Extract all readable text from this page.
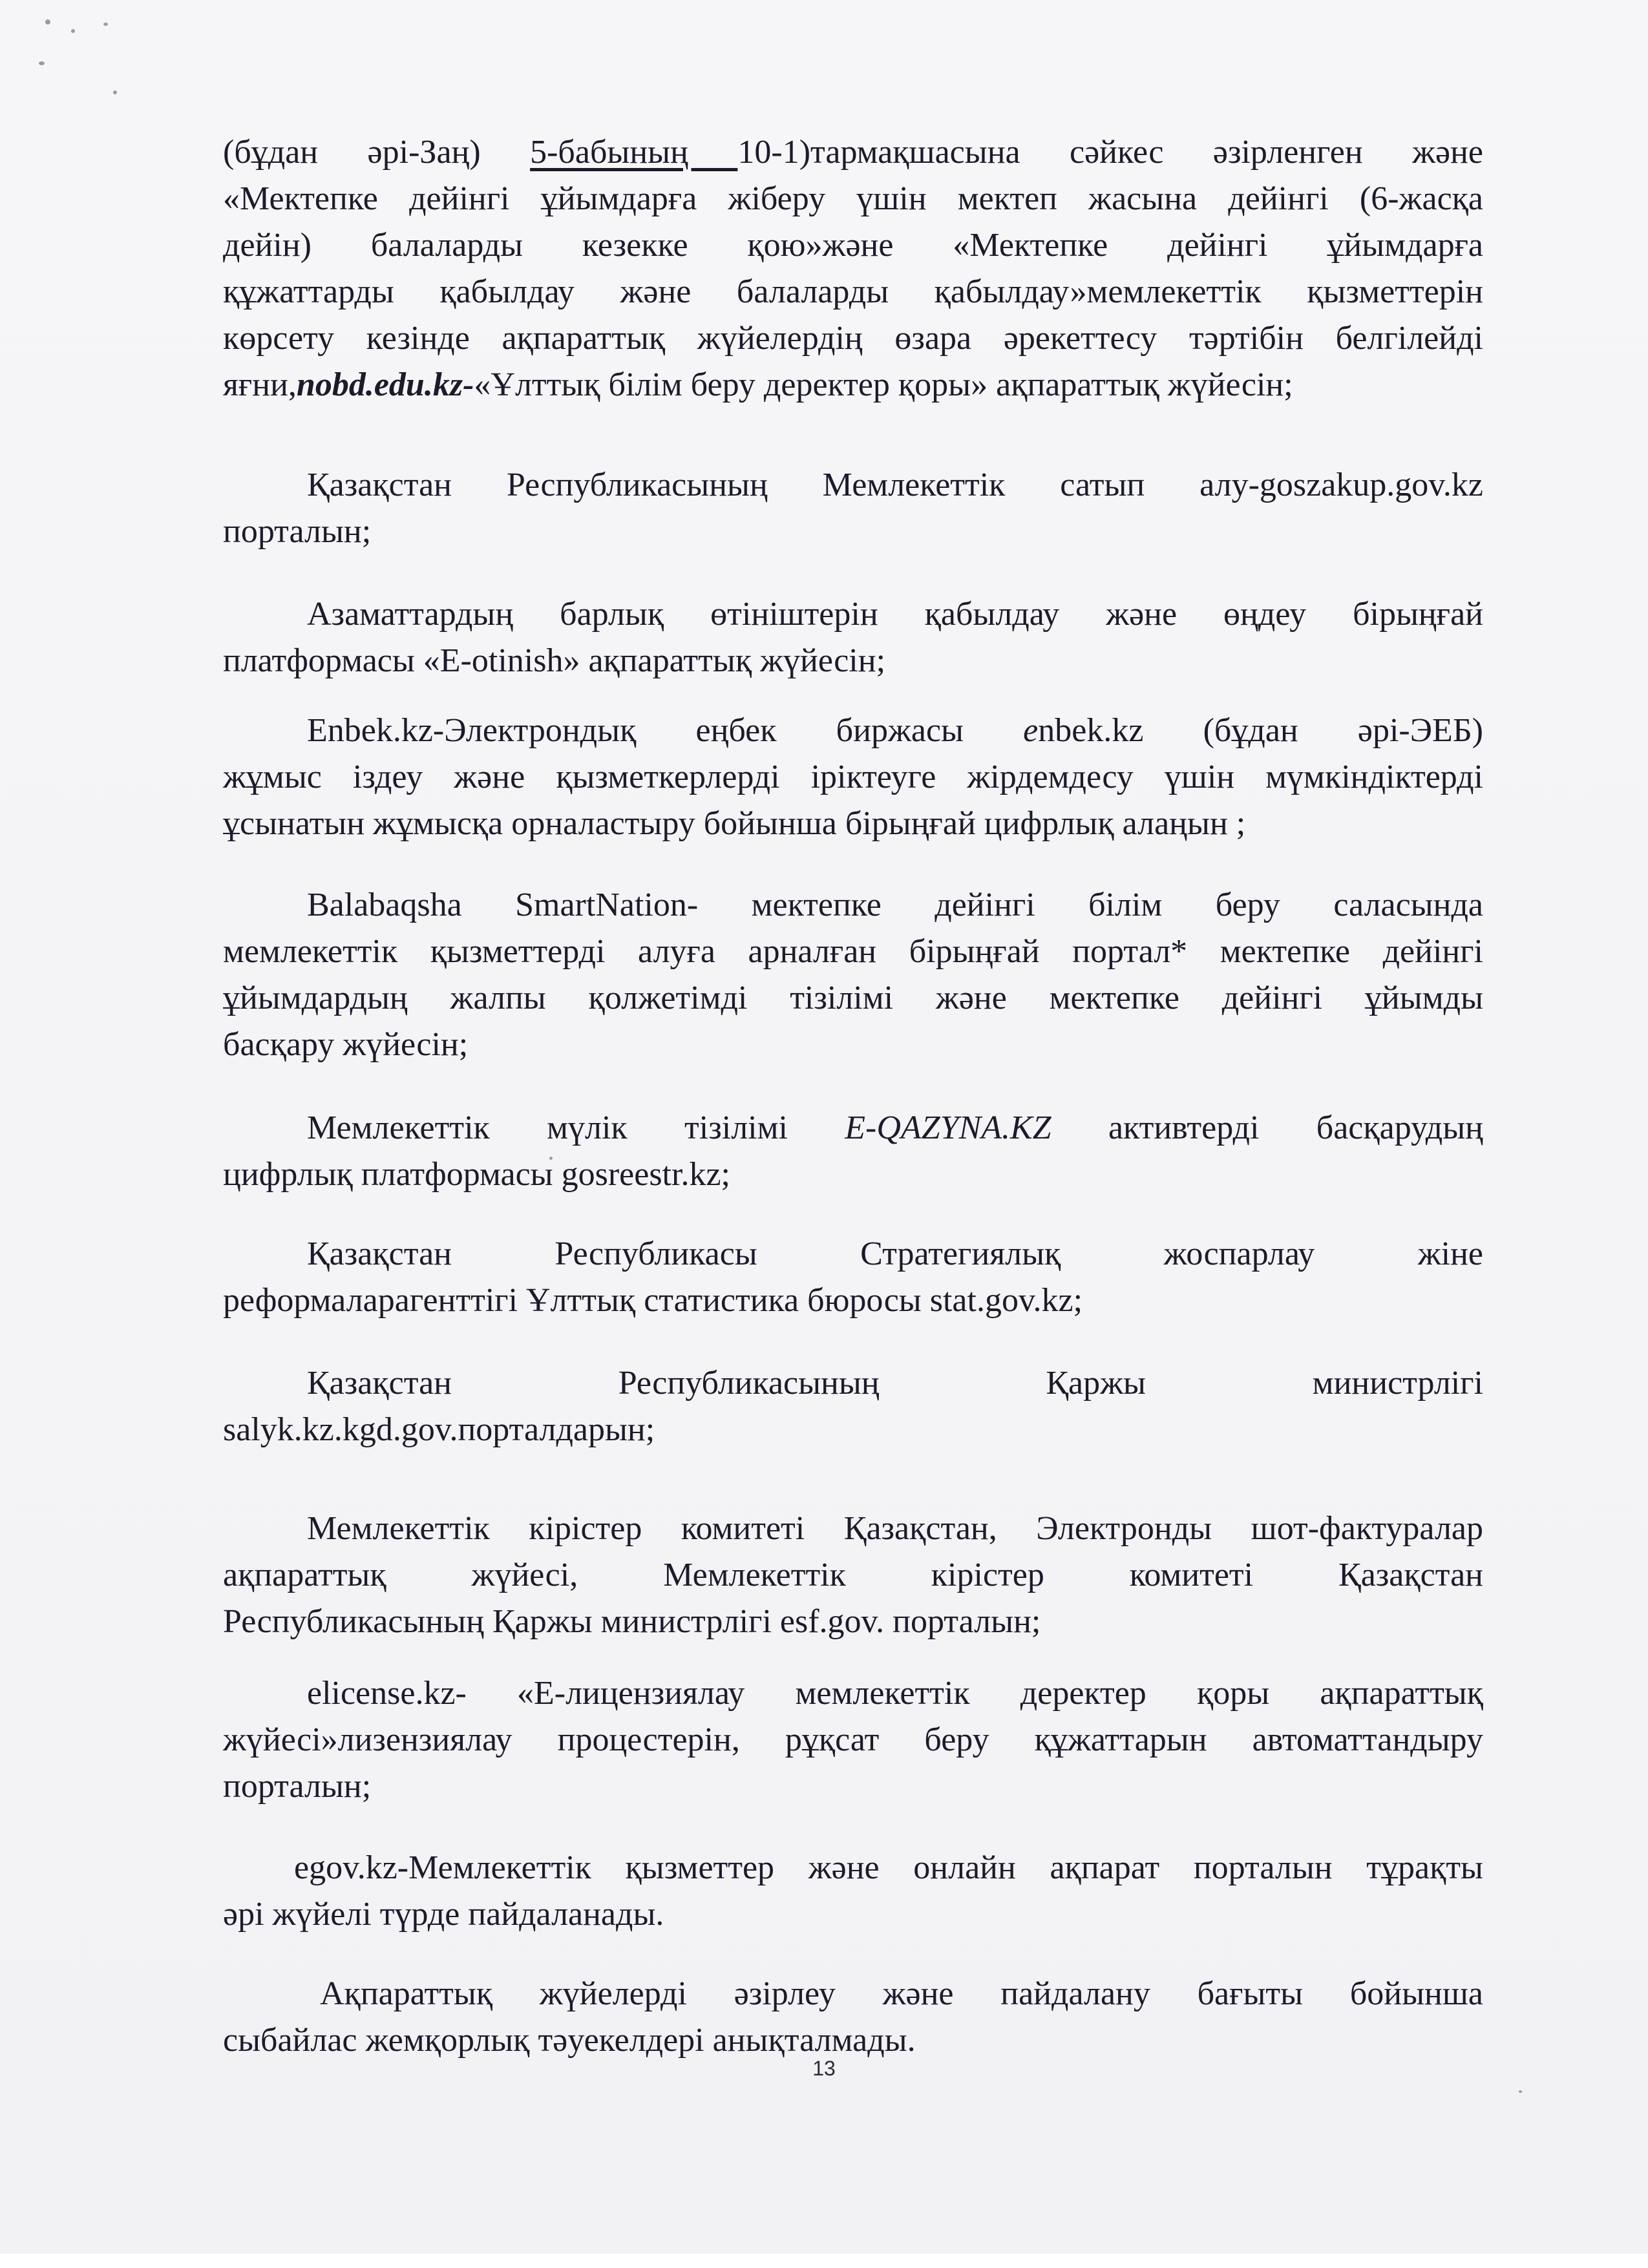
(бұдан әрі-Заң) 5-бабының 10-1)тармақшасына сәйкес әзірленген және
«Мектепке дейінгі ұйымдарға жіберу үшін мектеп жасына дейінгі (6-жасқа
дейін) балаларды кезекке қою»және «Мектепке дейінгі ұйымдарға
құжаттарды қабылдау және балаларды қабылдау»мемлекеттік қызметтерін
көрсету кезінде ақпараттық жүйелердің өзара әрекеттесу тәртібін белгілейді
яғни,nobd.edu.kz-«Ұлттық білім беру деректер қоры» ақпараттық жүйесін;
Қазақстан Республикасының Мемлекеттік сатып алу-goszakup.gov.kz
порталын;
Азаматтардың барлық өтініштерін қабылдау және өңдеу бірыңғай
платформасы «E-otinish» ақпараттық жүйесін;
Enbek.kz-Электрондық еңбек биржасы еnbek.kz (бұдан әрі-ЭЕБ)
жұмыс іздеу және қызметкерлерді іріктеуге жірдемдесу үшін мүмкіндіктерді
ұсынатын жұмысқа орналастыру бойынша бірыңғай цифрлық алаңын ;
Balabaqsha SmartNation- мектепке дейінгі білім беру саласында
мемлекеттік қызметтерді алуға арналған бірыңғай портал* мектепке дейінгі
ұйымдардың жалпы қолжетімді тізілімі және мектепке дейінгі ұйымды
басқару жүйесін;
Мемлекеттік мүлік тізілімі E-QAZYNA.KZ активтерді басқарудың
цифрлық платформасы gosreestr.kz;
Қазақстан Республикасы Стратегиялық жоспарлау жіне
реформаларагенттігі Ұлттық статистика бюросы stat.gov.kz;
Қазақстан Республикасының Қаржы министрлігі
salyk.kz.kgd.gov.порталдарын;
Мемлекеттік кірістер комитеті Қазақстан, Электронды шот-фактуралар
ақпараттық жүйесі, Мемлекеттік кірістер комитеті Қазақстан
Республикасының Қаржы министрлігі esf.gov. порталын;
elicense.kz- «Е-лицензиялау мемлекеттік деректер қоры ақпараттық
жүйесі»лизензиялау процестерін, рұқсат беру құжаттарын автоматтандыру
порталын;
egov.kz-Мемлекеттік қызметтер және онлайн ақпарат порталын тұрақты
әрі жүйелі түрде пайдаланады.
Ақпараттық жүйелерді әзірлеу және пайдалану бағыты бойынша
сыбайлас жемқорлық тәуекелдері анықталмады.
13
